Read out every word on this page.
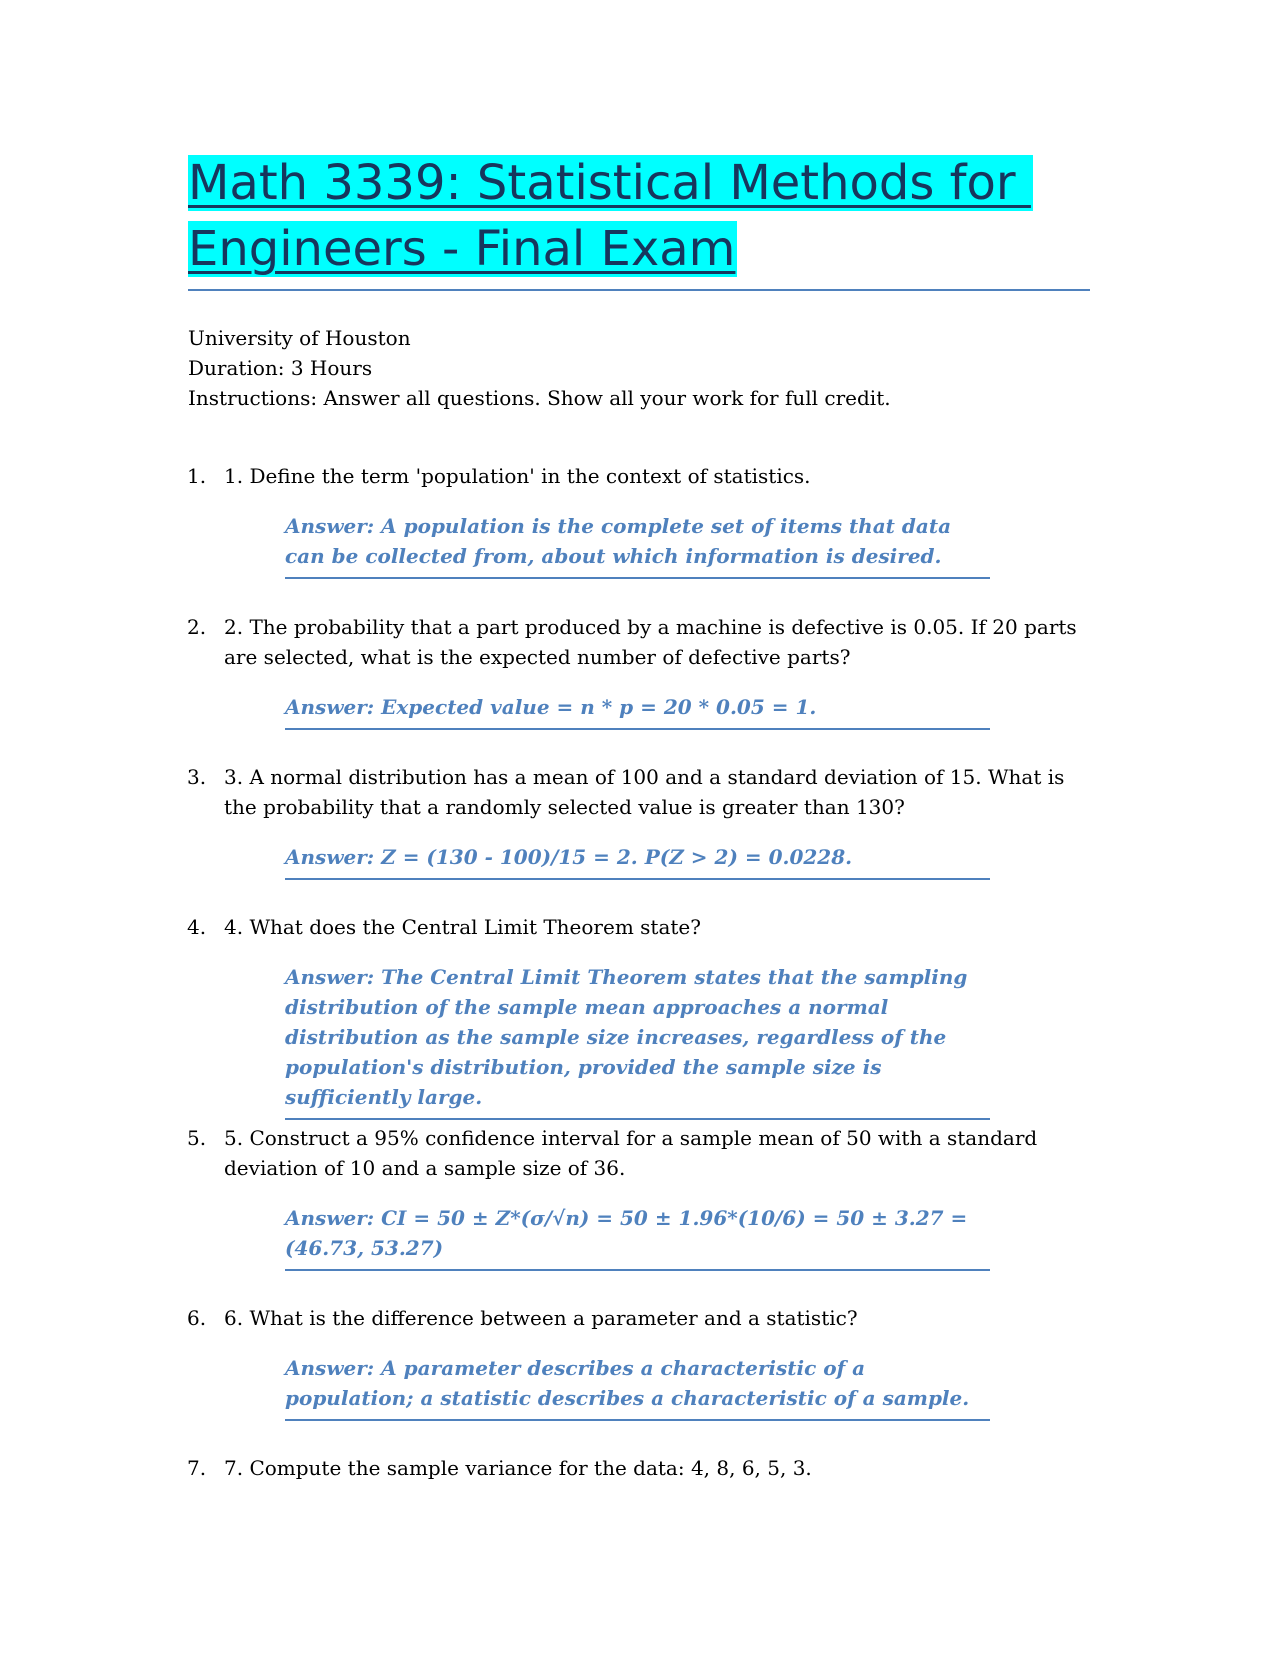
Math 3339: Statistical Methods for
Engineers - Final Exam
University of Houston
Duration: 3 Hours
Instructions: Answer all questions. Show all your work for full credit.
1. 1. Define the term 'population' in the context of statistics.
Answer: A population is the complete set of items that data can be collected from, about which information is desired.
2. 2. The probability that a part produced by a machine is defective is 0.05. If 20 parts are selected, what is the expected number of defective parts?
Answer: Expected value = n * p = 20 * 0.05 = 1.
3. 3. A normal distribution has a mean of 100 and a standard deviation of 15. What is the probability that a randomly selected value is greater than 130?
Answer: Z = (130 - 100)/15 = 2. P(Z > 2) = 0.0228.
4. 4. What does the Central Limit Theorem state?
Answer: The Central Limit Theorem states that the sampling distribution of the sample mean approaches a normal distribution as the sample size increases, regardless of the population's distribution, provided the sample size is sufficiently large.
5. 5. Construct a 95% confidence interval for a sample mean of 50 with a standard deviation of 10 and a sample size of 36.
Answer: CI = 50 ± Z*(σ/√n) = 50 ± 1.96*(10/6) = 50 ± 3.27 = (46.73, 53.27)
6. 6. What is the difference between a parameter and a statistic?
Answer: A parameter describes a characteristic of a population; a statistic describes a characteristic of a sample.
7. 7. Compute the sample variance for the data: 4, 8, 6, 5, 3.
